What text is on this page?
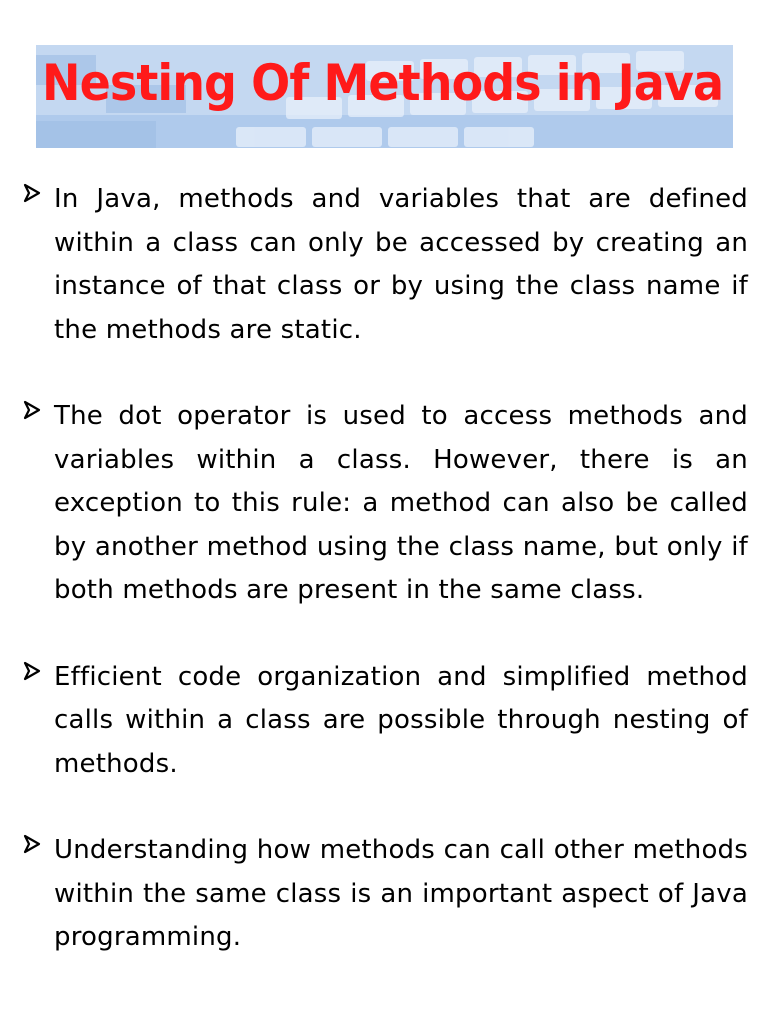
Nesting Of Methods in Java

In Java, methods and variables that are defined within a class can only be accessed by creating an instance of that class or by using the class name if the methods are static.

The dot operator is used to access methods and variables within a class. However, there is an exception to this rule: a method can also be called by another method using the class name, but only if both methods are present in the same class.

Efficient code organization and simplified method calls within a class are possible through nesting of methods.

Understanding how methods can call other methods within the same class is an important aspect of Java programming.
